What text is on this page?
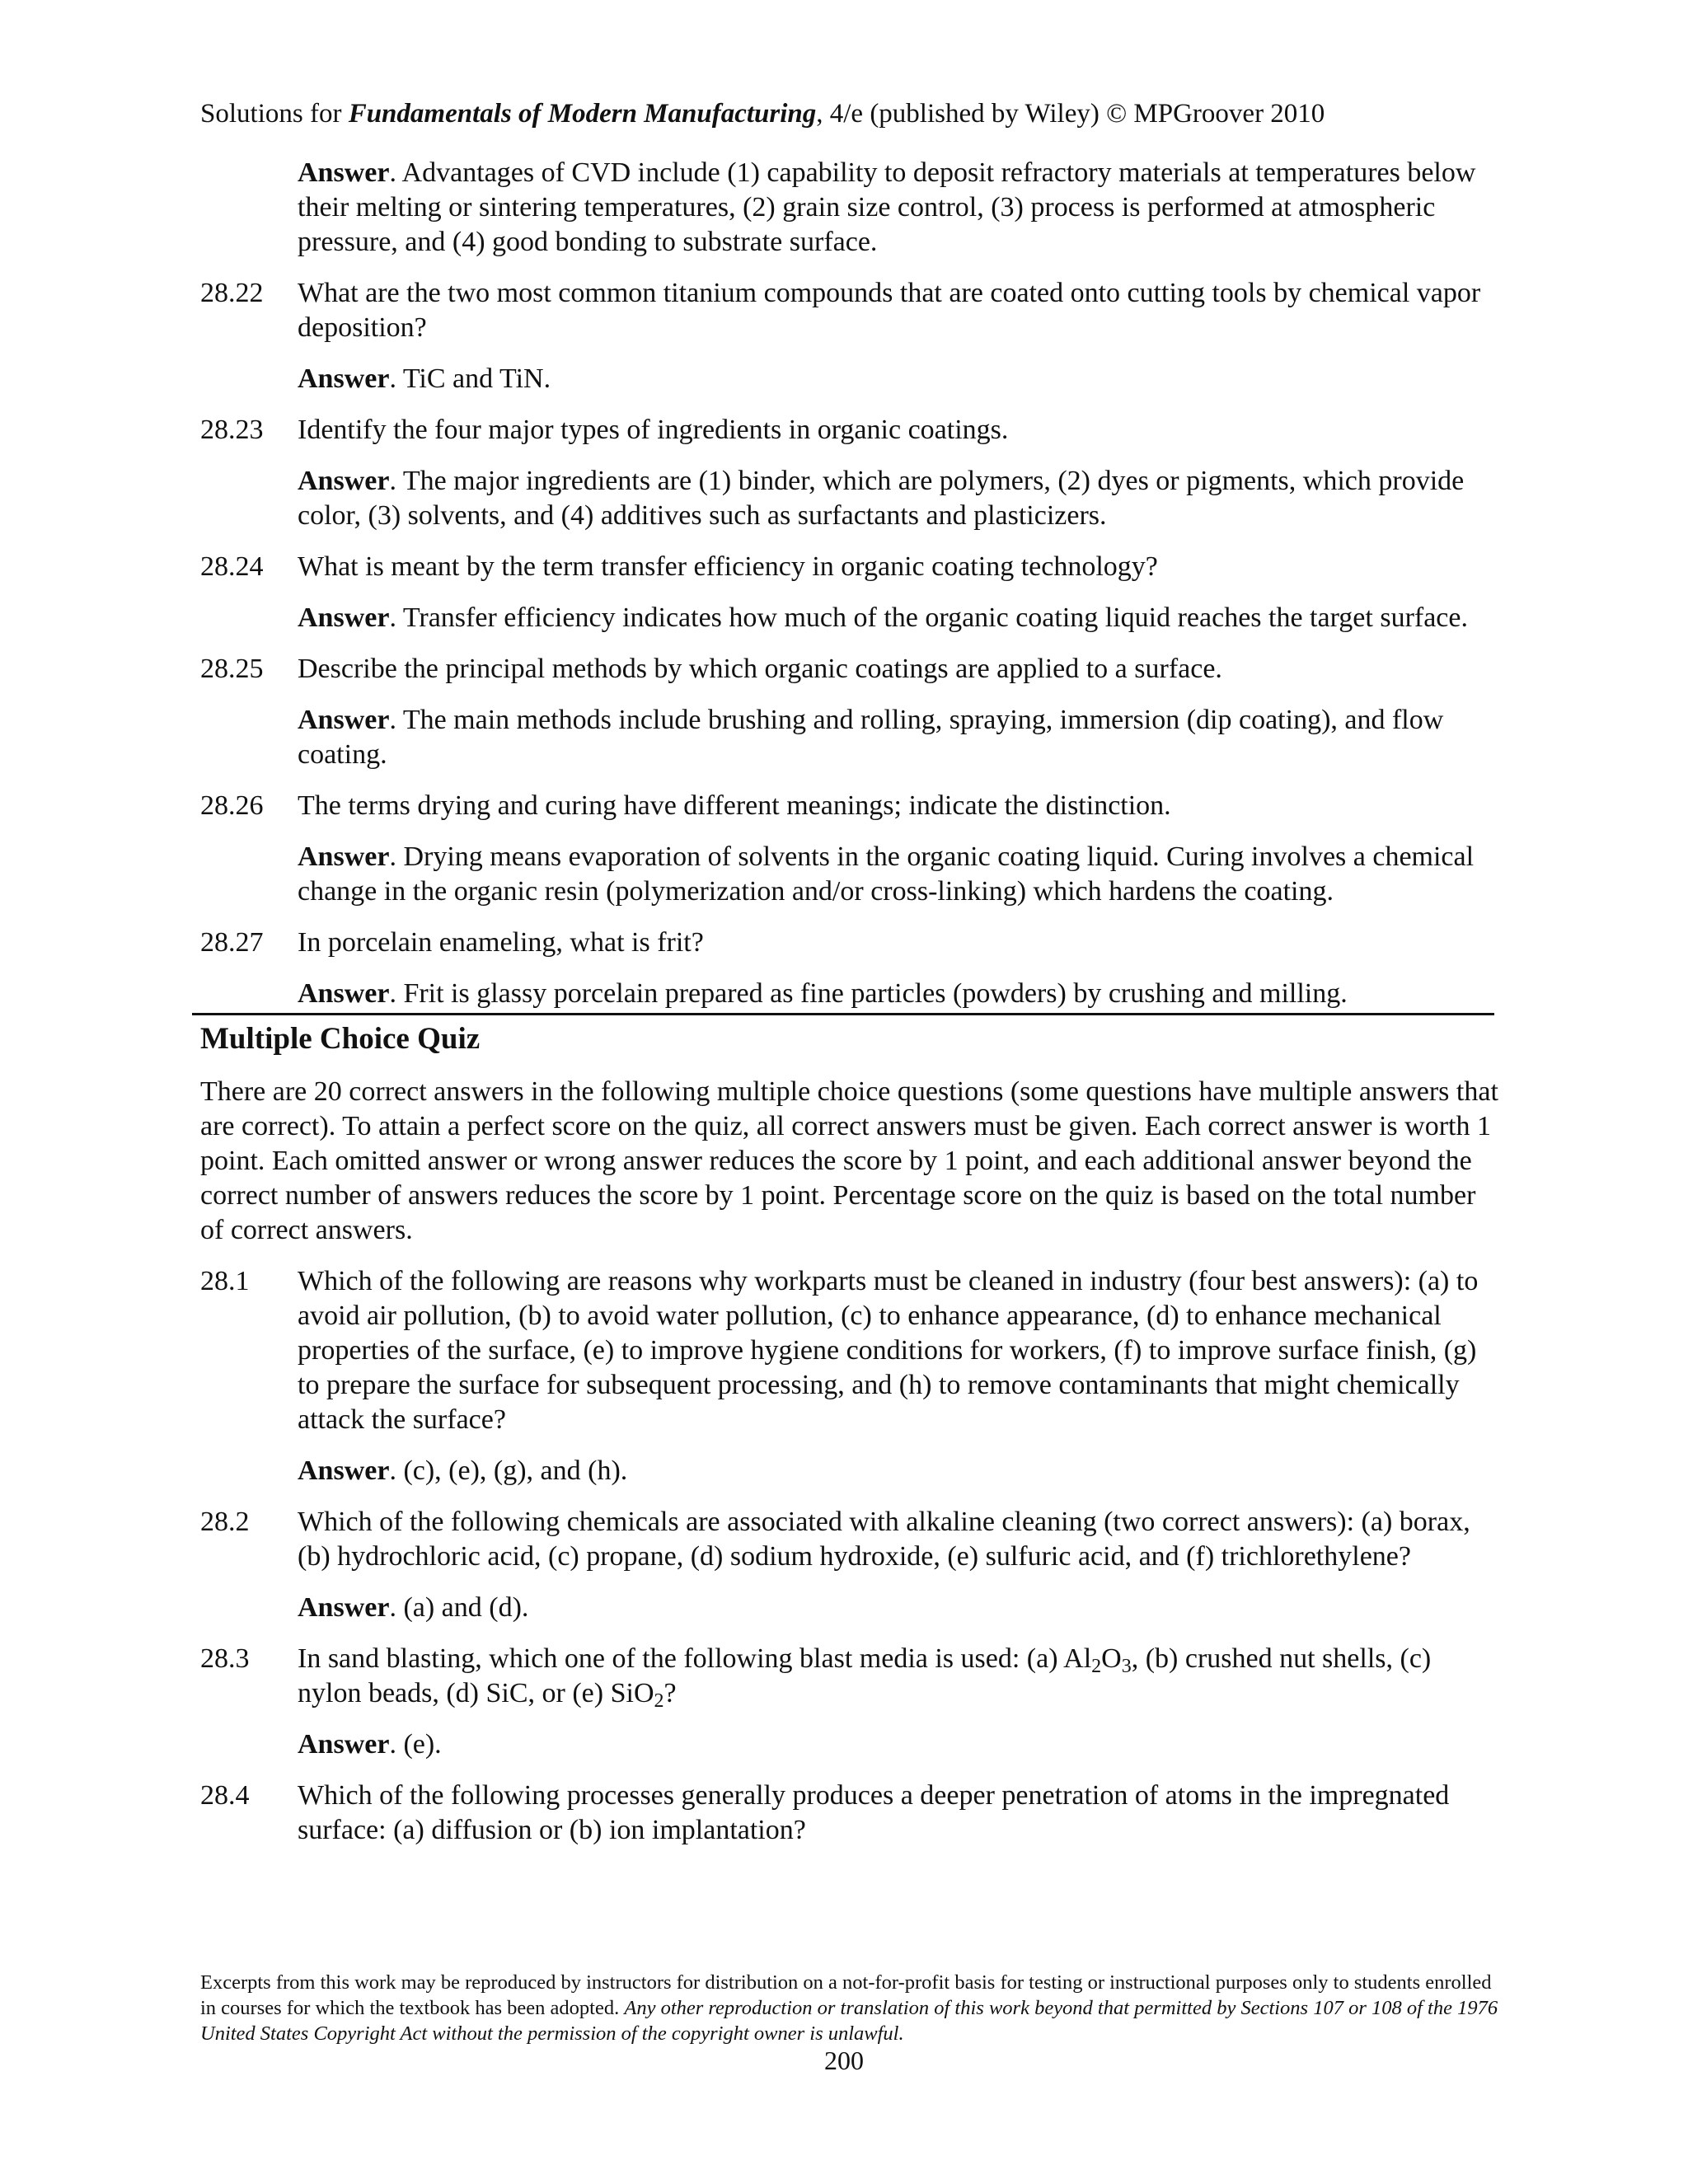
Solutions for Fundamentals of Modern Manufacturing, 4/e (published by Wiley) © MPGroover 2010
Answer. Advantages of CVD include (1) capability to deposit refractory materials at temperatures below their melting or sintering temperatures, (2) grain size control, (3) process is performed at atmospheric pressure, and (4) good bonding to substrate surface.
28.22	What are the two most common titanium compounds that are coated onto cutting tools by chemical vapor deposition?
Answer. TiC and TiN.
28.23	Identify the four major types of ingredients in organic coatings.
Answer. The major ingredients are (1) binder, which are polymers, (2) dyes or pigments, which provide color, (3) solvents, and (4) additives such as surfactants and plasticizers.
28.24	What is meant by the term transfer efficiency in organic coating technology?
Answer. Transfer efficiency indicates how much of the organic coating liquid reaches the target surface.
28.25	Describe the principal methods by which organic coatings are applied to a surface.
Answer. The main methods include brushing and rolling, spraying, immersion (dip coating), and flow coating.
28.26	The terms drying and curing have different meanings; indicate the distinction.
Answer. Drying means evaporation of solvents in the organic coating liquid. Curing involves a chemical change in the organic resin (polymerization and/or cross-linking) which hardens the coating.
28.27	In porcelain enameling, what is frit?
Answer. Frit is glassy porcelain prepared as fine particles (powders) by crushing and milling.
Multiple Choice Quiz
There are 20 correct answers in the following multiple choice questions (some questions have multiple answers that are correct). To attain a perfect score on the quiz, all correct answers must be given. Each correct answer is worth 1 point. Each omitted answer or wrong answer reduces the score by 1 point, and each additional answer beyond the correct number of answers reduces the score by 1 point. Percentage score on the quiz is based on the total number of correct answers.
28.1	Which of the following are reasons why workparts must be cleaned in industry (four best answers): (a) to avoid air pollution, (b) to avoid water pollution, (c) to enhance appearance, (d) to enhance mechanical properties of the surface, (e) to improve hygiene conditions for workers, (f) to improve surface finish, (g) to prepare the surface for subsequent processing, and (h) to remove contaminants that might chemically attack the surface?
Answer. (c), (e), (g), and (h).
28.2	Which of the following chemicals are associated with alkaline cleaning (two correct answers): (a) borax, (b) hydrochloric acid, (c) propane, (d) sodium hydroxide, (e) sulfuric acid, and (f) trichlorethylene?
Answer. (a) and (d).
28.3	In sand blasting, which one of the following blast media is used: (a) $Al_2O_3$, (b) crushed nut shells, (c) nylon beads, (d) SiC, or (e) SiO$_2$?
Answer. (e).
28.4	Which of the following processes generally produces a deeper penetration of atoms in the impregnated surface: (a) diffusion or (b) ion implantation?
Excerpts from this work may be reproduced by instructors for distribution on a not-for-profit basis for testing or instructional purposes only to students enrolled in courses for which the textbook has been adopted. Any other reproduction or translation of this work beyond that permitted by Sections 107 or 108 of the 1976 United States Copyright Act without the permission of the copyright owner is unlawful.
200
